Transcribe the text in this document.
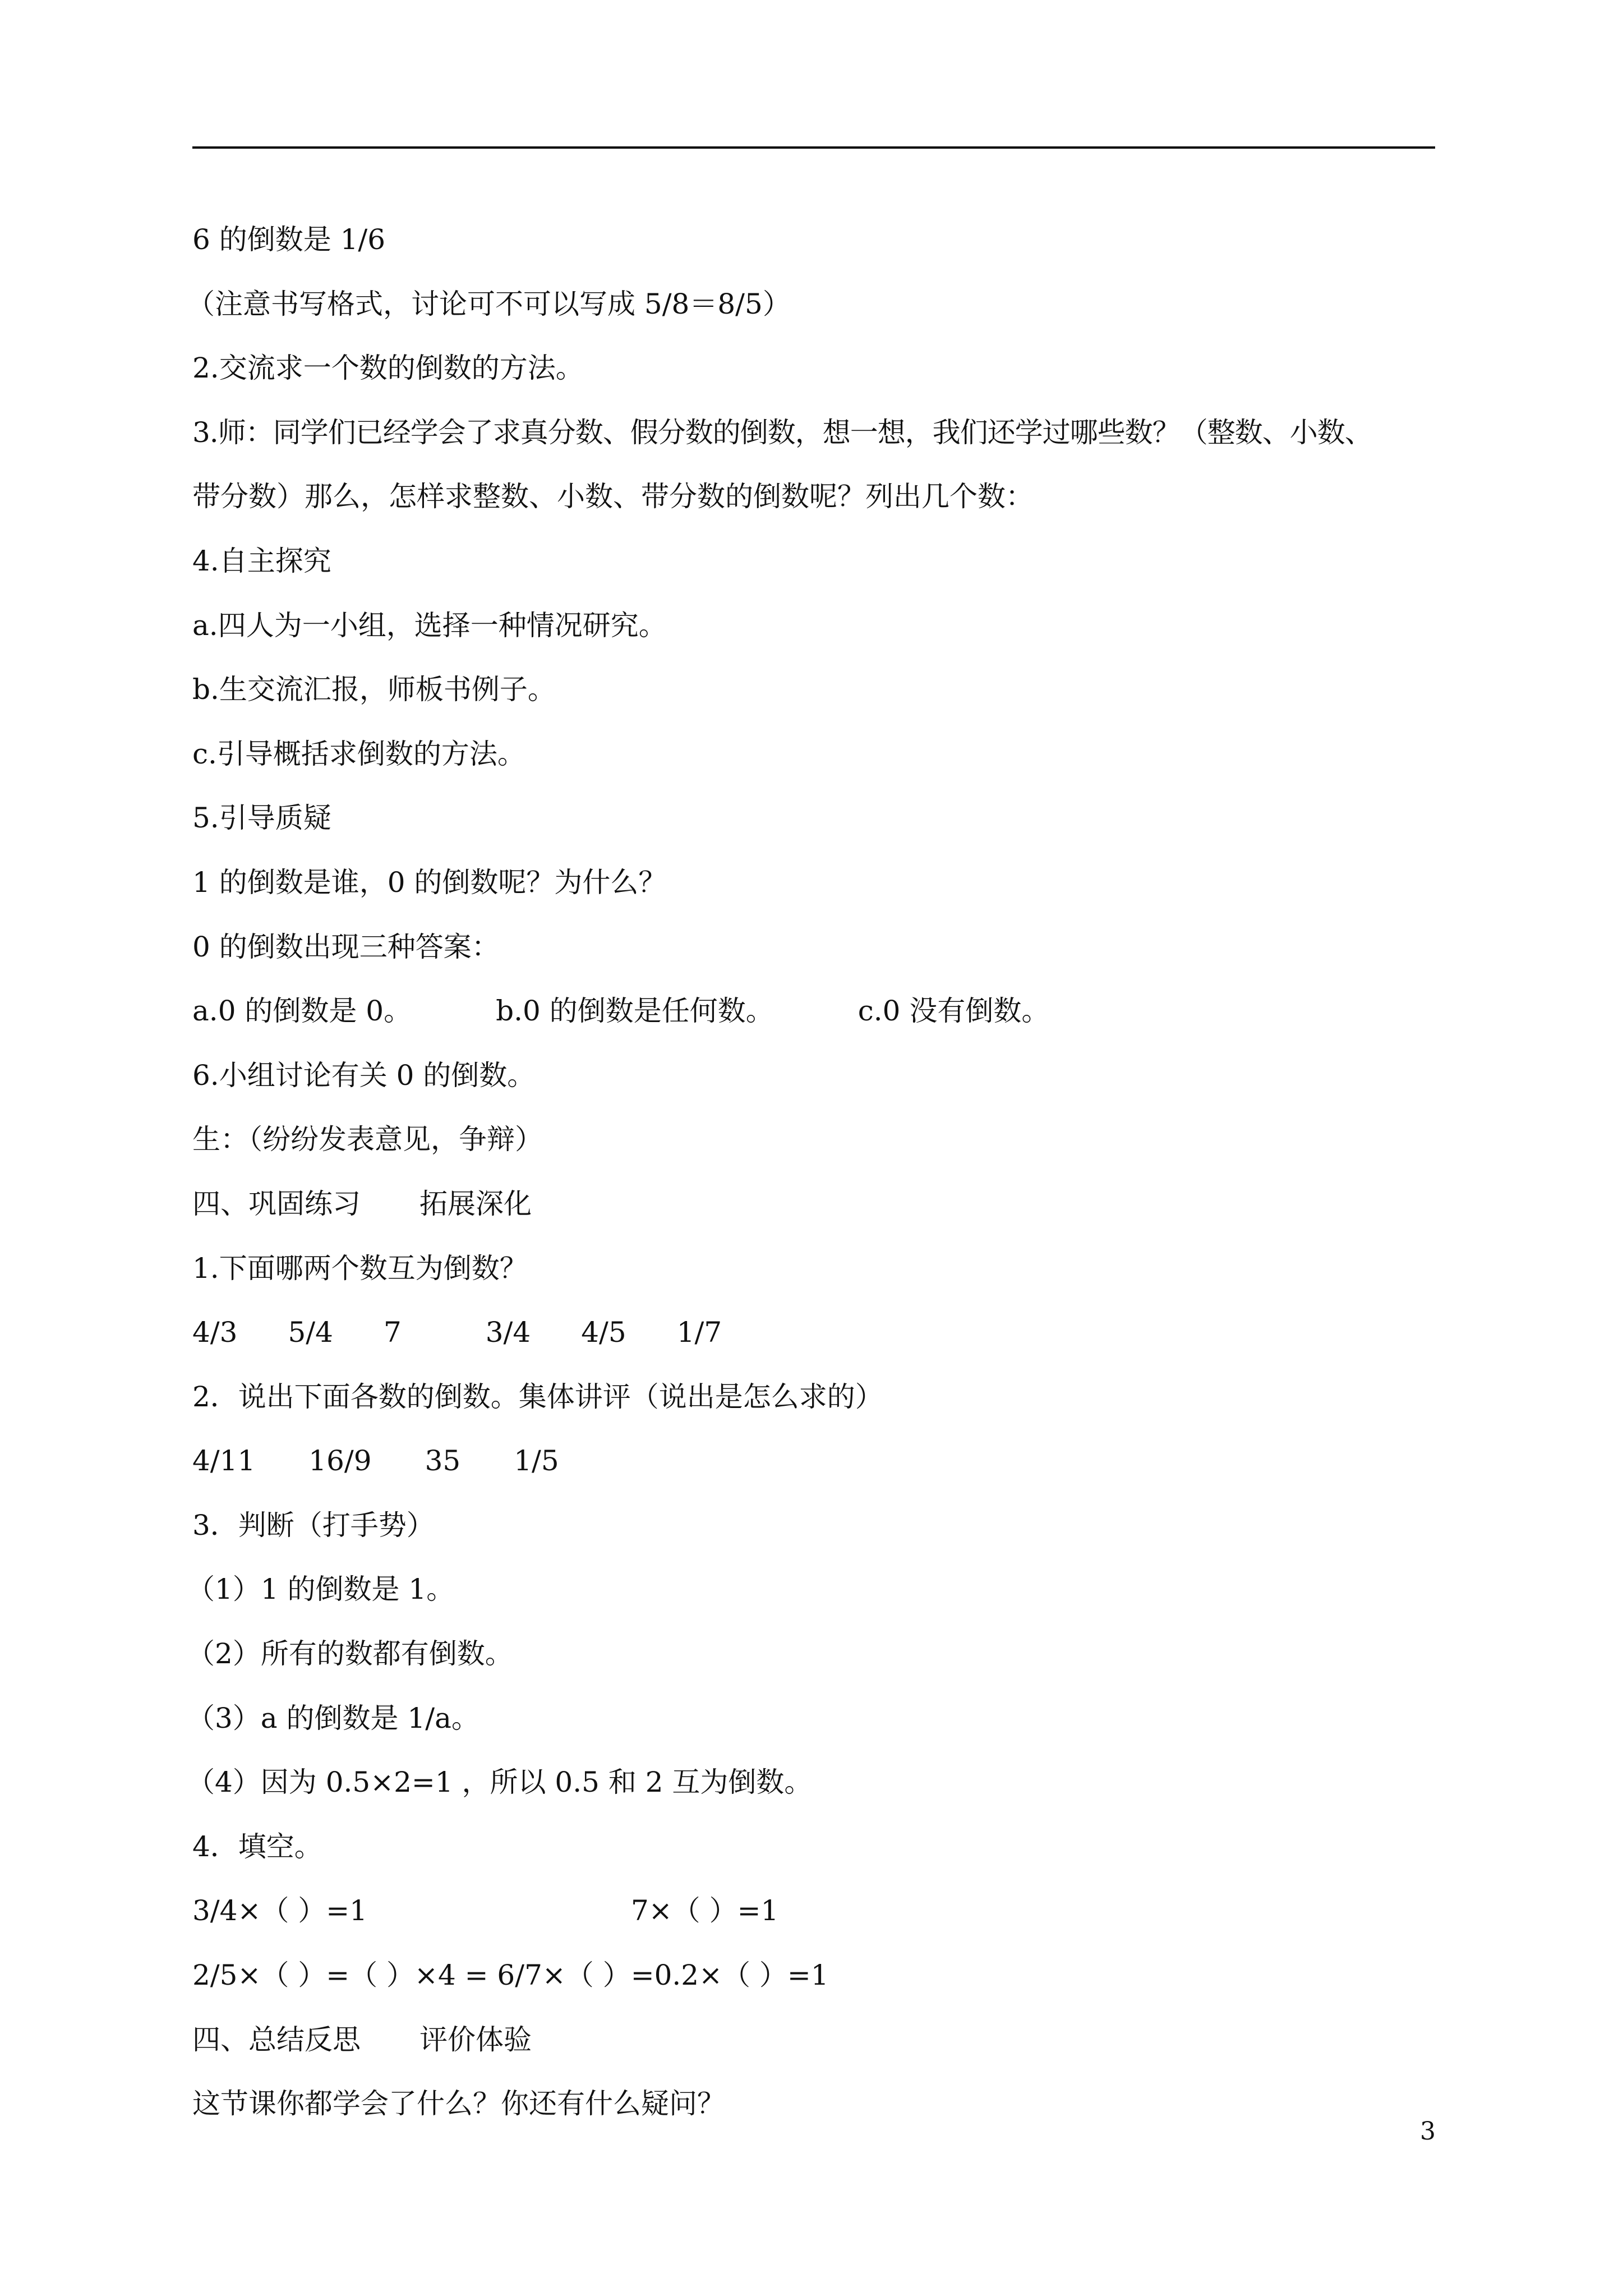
6 的倒数是 1/6
（注意书写格式，讨论可不可以写成 5/8＝8/5）
2.交流求一个数的倒数的方法。
3.师：同学们已经学会了求真分数、假分数的倒数，想一想，我们还学过哪些数？（整数、小数、
带分数）那么，怎样求整数、小数、带分数的倒数呢？列出几个数：
4.自主探究
a.四人为一小组，选择一种情况研究。
b.生交流汇报，师板书例子。
c.引导概括求倒数的方法。
5.引导质疑
1 的倒数是谁，0 的倒数呢？为什么？
0 的倒数出现三种答案：
a.0 的倒数是 0。	b.0 的倒数是任何数。	c.0 没有倒数。
6.小组讨论有关 0 的倒数。
生：（纷纷发表意见，争辩）
四、巩固练习 拓展深化
1.下面哪两个数互为倒数？
4/3 5/4 7	3/4 4/5 1/7
2．说出下面各数的倒数。集体讲评（说出是怎么求的）
4/11 16/9 35 1/5
3．判断（打手势）
（1）1 的倒数是 1。
（2）所有的数都有倒数。
（3）a 的倒数是 1/a。
（4）因为 0.5×2=1 ，所以 0.5 和 2 互为倒数。
4．填空。
3/4×（ ）=1	7×（ ）=1
2/5×（ ）=（ ）×4 = 6/7×（ ）=0.2×（ ）=1
四、总结反思 评价体验
这节课你都学会了什么？你还有什么疑问？
3
